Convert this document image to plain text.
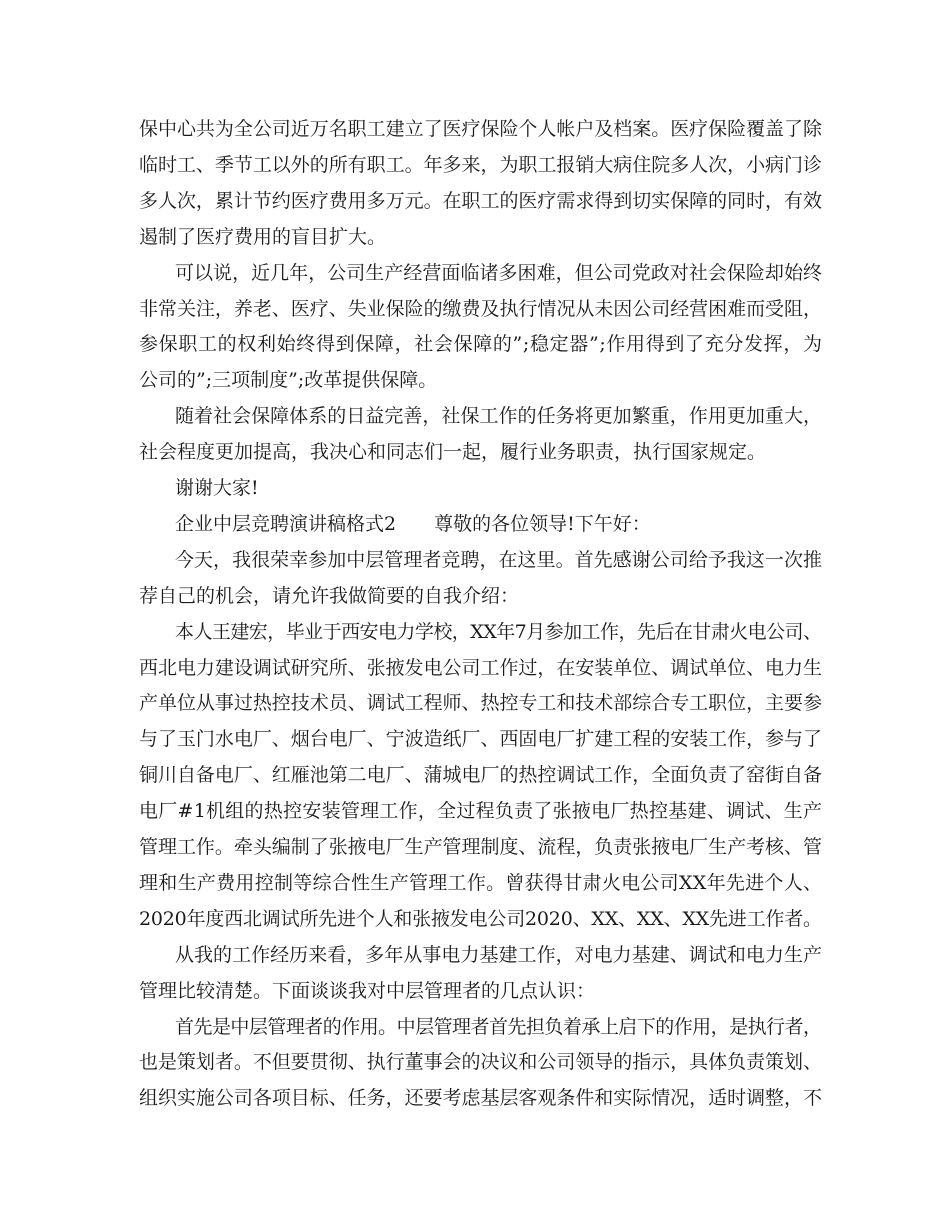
保中心共为全公司近万名职工建立了医疗保险个人帐户及档案。医疗保险覆盖了除
临时工、季节工以外的所有职工。年多来，为职工报销大病住院多人次，小病门诊
多人次，累计节约医疗费用多万元。在职工的医疗需求得到切实保障的同时，有效
遏制了医疗费用的盲目扩大。
可以说，近几年，公司生产经营面临诸多困难，但公司党政对社会保险却始终
非常关注，养老、医疗、失业保险的缴费及执行情况从未因公司经营困难而受阻，
参保职工的权利始终得到保障，社会保障的”;稳定器”;作用得到了充分发挥，为
公司的”;三项制度”;改革提供保障。
随着社会保障体系的日益完善，社保工作的任务将更加繁重，作用更加重大，
社会程度更加提高，我决心和同志们一起，履行业务职责，执行国家规定。
谢谢大家!
企业中层竞聘演讲稿格式2　　尊敬的各位领导!下午好：
今天，我很荣幸参加中层管理者竞聘，在这里。首先感谢公司给予我这一次推
荐自己的机会，请允许我做简要的自我介绍：
本人王建宏，毕业于西安电力学校，XX年7月参加工作，先后在甘肃火电公司、
西北电力建设调试研究所、张掖发电公司工作过，在安装单位、调试单位、电力生
产单位从事过热控技术员、调试工程师、热控专工和技术部综合专工职位，主要参
与了玉门水电厂、烟台电厂、宁波造纸厂、西固电厂扩建工程的安装工作，参与了
铜川自备电厂、红雁池第二电厂、蒲城电厂的热控调试工作，全面负责了窑街自备
电厂#1机组的热控安装管理工作，全过程负责了张掖电厂热控基建、调试、生产
管理工作。牵头编制了张掖电厂生产管理制度、流程，负责张掖电厂生产考核、管
理和生产费用控制等综合性生产管理工作。曾获得甘肃火电公司XX年先进个人、
2020年度西北调试所先进个人和张掖发电公司2020、XX、XX、XX先进工作者。
从我的工作经历来看，多年从事电力基建工作，对电力基建、调试和电力生产
管理比较清楚。下面谈谈我对中层管理者的几点认识：
首先是中层管理者的作用。中层管理者首先担负着承上启下的作用，是执行者，
也是策划者。不但要贯彻、执行董事会的决议和公司领导的指示，具体负责策划、
组织实施公司各项目标、任务，还要考虑基层客观条件和实际情况，适时调整，不
